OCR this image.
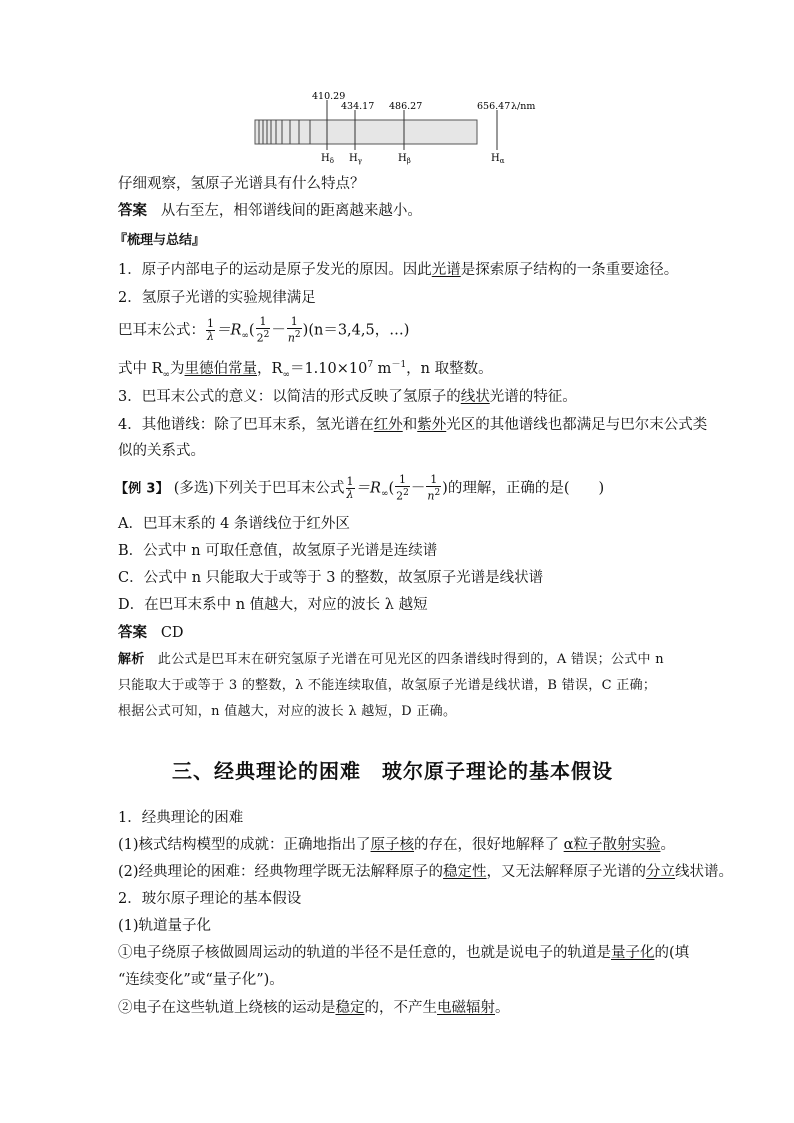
410.29
434.17 486.27	656.47 λ/nm
$H_\delta$ $H_\gamma$	$H_\beta$	$H_\alpha$
仔细观察，氢原子光谱具有什么特点？
答案 从右至左，相邻谱线间的距离越来越小。
『梳理与总结』
1．原子内部电子的运动是原子发光的原因。因此光谱是探索原子结构的一条重要途径。
2．氢原子光谱的实验规律满足
巴耳末公式： $\frac{1}{\lambda} =R_\infty( \frac{1}{2^2} - \frac{1}{n^2} )(n=3,4,5$，…)
式中 $R_\infty$为里德伯常量，$R_\infty=1.10\times 10^7$ $m^{-1}$，n 取整数。
3．巴耳末公式的意义：以简洁的形式反映了氢原子的线状光谱的特征。
4．其他谱线：除了巴耳末系，氢光谱在红外和紫外光区的其他谱线也都满足与巴尔末公式类
似的关系式。
【例 3】 (多选)下列关于巴耳末公式 $\frac{1}{\lambda} =R_\infty( \frac{1}{2^2} - \frac{1}{n^2}$ )的理解，正确的是(　　)
A．巴耳末系的 4 条谱线位于红外区
B．公式中 n 可取任意值，故氢原子光谱是连续谱
C．公式中 n 只能取大于或等于 3 的整数，故氢原子光谱是线状谱
D．在巴耳末系中 n 值越大，对应的波长 λ 越短
答案 CD
解析 此公式是巴耳末在研究氢原子光谱在可见光区的四条谱线时得到的，A 错误；公式中 n
只能取大于或等于 3 的整数，λ 不能连续取值，故氢原子光谱是线状谱，B 错误，C 正确；
根据公式可知，n 值越大，对应的波长 λ 越短，D 正确。
三、经典理论的困难　玻尔原子理论的基本假设
1．经典理论的困难
(1)核式结构模型的成就：正确地指出了原子核的存在，很好地解释了 α粒子散射实验。
(2)经典理论的困难：经典物理学既无法解释原子的稳定性，又无法解释原子光谱的分立线状谱。
2．玻尔原子理论的基本假设
(1)轨道量子化
①电子绕原子核做圆周运动的轨道的半径不是任意的，也就是说电子的轨道是量子化的(填
“连续变化”或“量子化”)。
②电子在这些轨道上绕核的运动是稳定的，不产生电磁辐射。
